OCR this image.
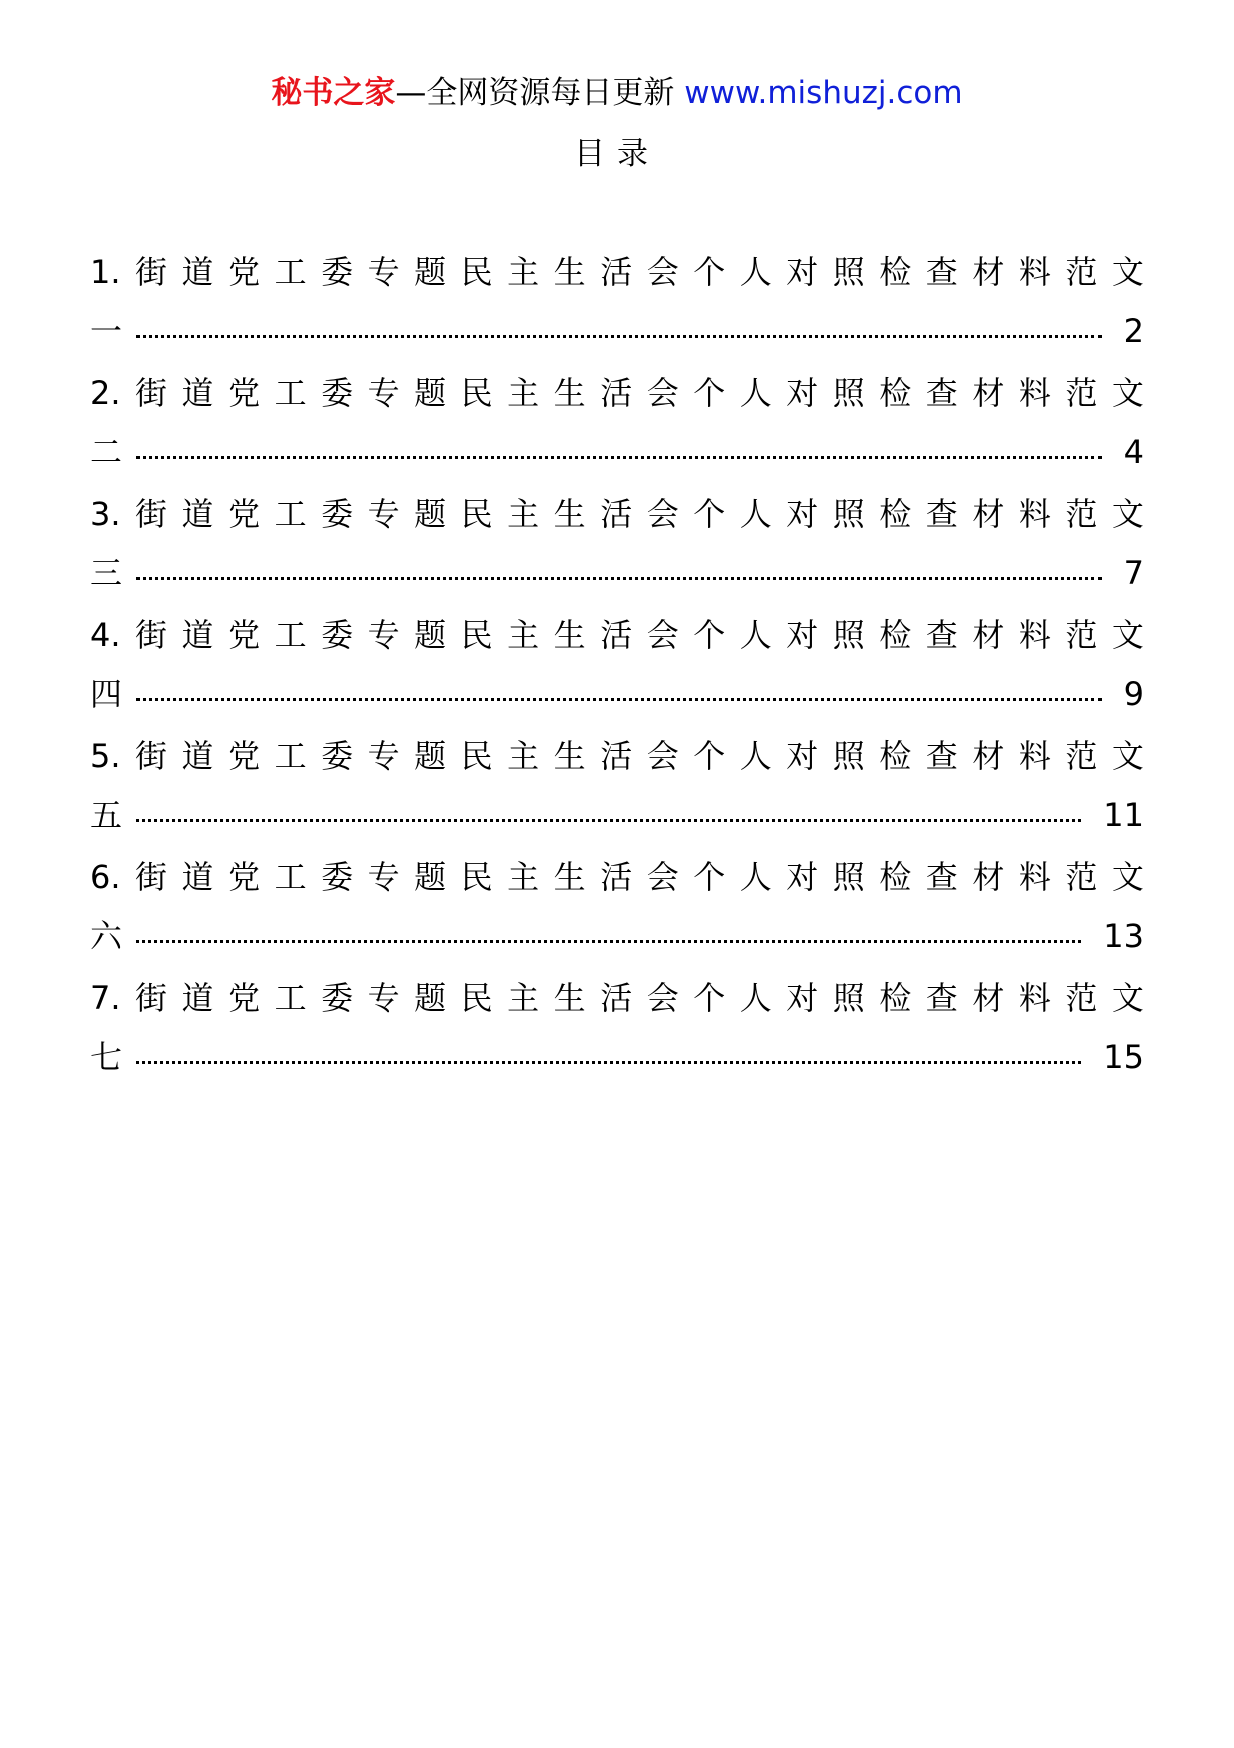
秘书之家—全网资源每日更新 www.mishuzj.com
目录
1. 街 道 党 工 委 专 题 民 主 生 活 会 个 人 对 照 检 查 材 料 范 文
一	2
2. 街 道 党 工 委 专 题 民 主 生 活 会 个 人 对 照 检 查 材 料 范 文
二	4
3. 街 道 党 工 委 专 题 民 主 生 活 会 个 人 对 照 检 查 材 料 范 文
三	7
4. 街 道 党 工 委 专 题 民 主 生 活 会 个 人 对 照 检 查 材 料 范 文
四	9
5. 街 道 党 工 委 专 题 民 主 生 活 会 个 人 对 照 检 查 材 料 范 文
五	11
6. 街 道 党 工 委 专 题 民 主 生 活 会 个 人 对 照 检 查 材 料 范 文
六	13
7. 街 道 党 工 委 专 题 民 主 生 活 会 个 人 对 照 检 查 材 料 范 文
七	15
